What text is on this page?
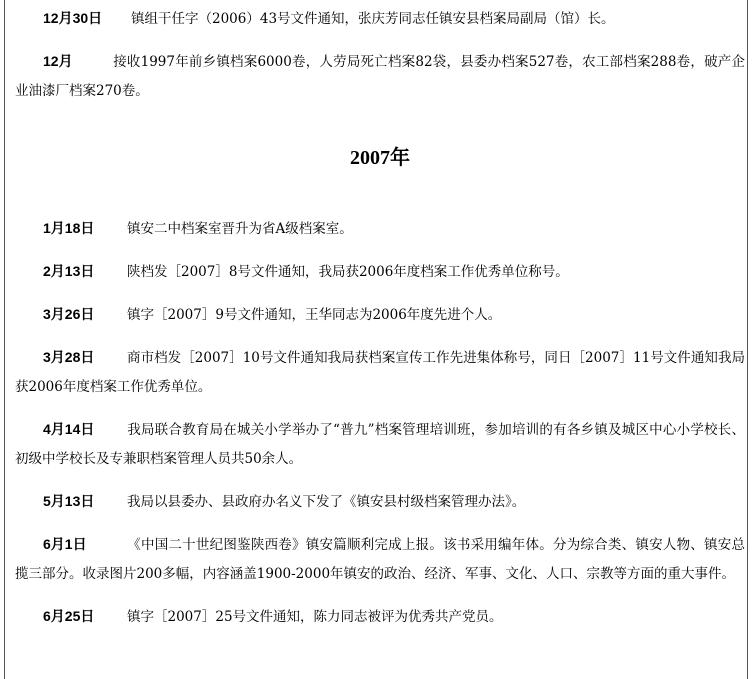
12月30日 镇组干任字（2006）43号文件通知，张庆芳同志任镇安县档案局副局（馆）长。

12月	接收1997年前乡镇档案6000卷，人劳局死亡档案82袋，县委办档案527卷，农工部档案288卷，破产企业油漆厂档案270卷。

2007年

1月18日 镇安二中档案室晋升为省A级档案室。

2月13日 陕档发［2007］8号文件通知，我局获2006年度档案工作优秀单位称号。

3月26日 镇字［2007］9号文件通知，王华同志为2006年度先进个人。

3月28日 商市档发［2007］10号文件通知我局获档案宣传工作先进集体称号，同日［2007］11号文件通知我局获2006年度档案工作优秀单位。

4月14日 我局联合教育局在城关小学举办了“普九”档案管理培训班，参加培训的有各乡镇及城区中心小学校长、初级中学校长及专兼职档案管理人员共50余人。

5月13日 我局以县委办、县政府办名义下发了《镇安县村级档案管理办法》。

6月1日	《中国二十世纪图鉴陕西卷》镇安篇顺利完成上报。该书采用编年体。分为综合类、镇安人物、镇安总揽三部分。收录图片200多幅，内容涵盖1900-2000年镇安的政治、经济、军事、文化、人口、宗教等方面的重大事件。

6月25日 镇字［2007］25号文件通知，陈力同志被评为优秀共产党员。
